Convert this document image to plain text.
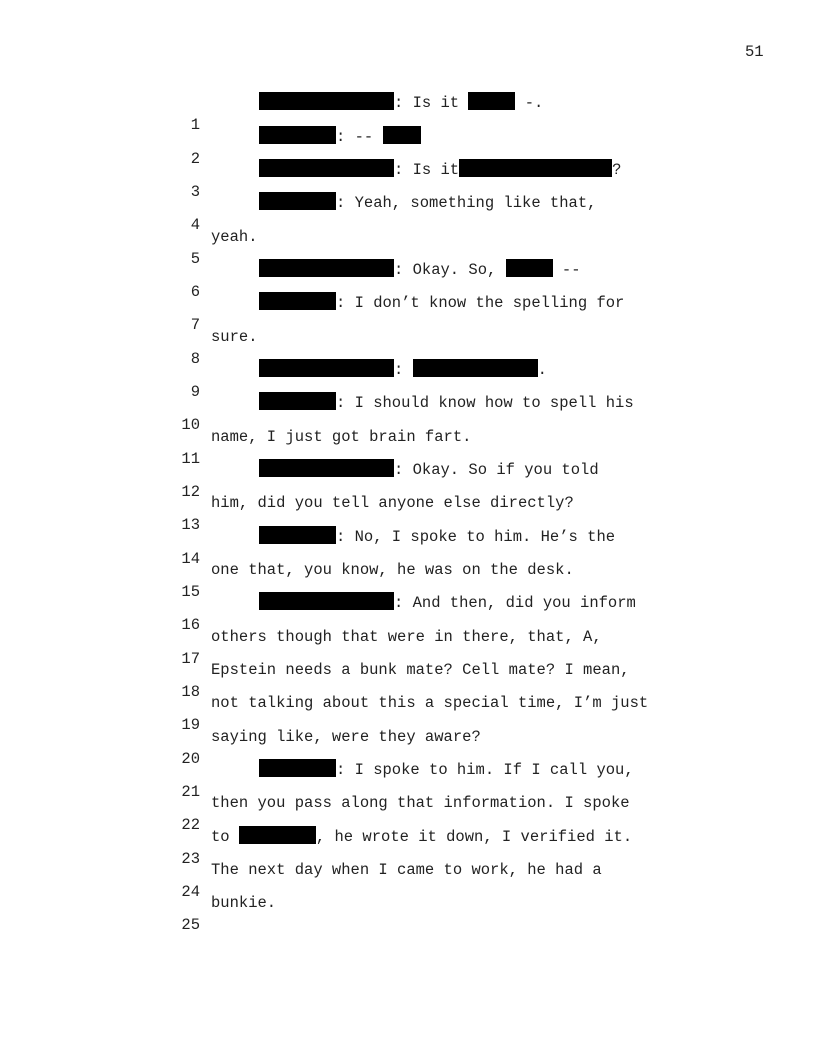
51

1

: Is it	-.

2

: --

3

: Is it	?

4

: Yeah, something like that,

5

yeah.

6

: Okay. So,	--

7

: I don’t know the spelling for

8

sure.

9

:	.

10

: I should know how to spell his

11

name, I just got brain fart.

12

: Okay. So if you told

13

him, did you tell anyone else directly?

14

: No, I spoke to him. He’s the

15

one that, you know, he was on the desk.

16

: And then, did you inform

17

others though that were in there, that, A,

18

Epstein needs a bunk mate? Cell mate? I mean,

19

not talking about this a special time, I’m just

20

saying like, were they aware?

21

: I spoke to him. If I call you,

22

then you pass along that information. I spoke

23

to	, he wrote it down, I verified it.

24

The next day when I came to work, he had a

25

bunkie.
